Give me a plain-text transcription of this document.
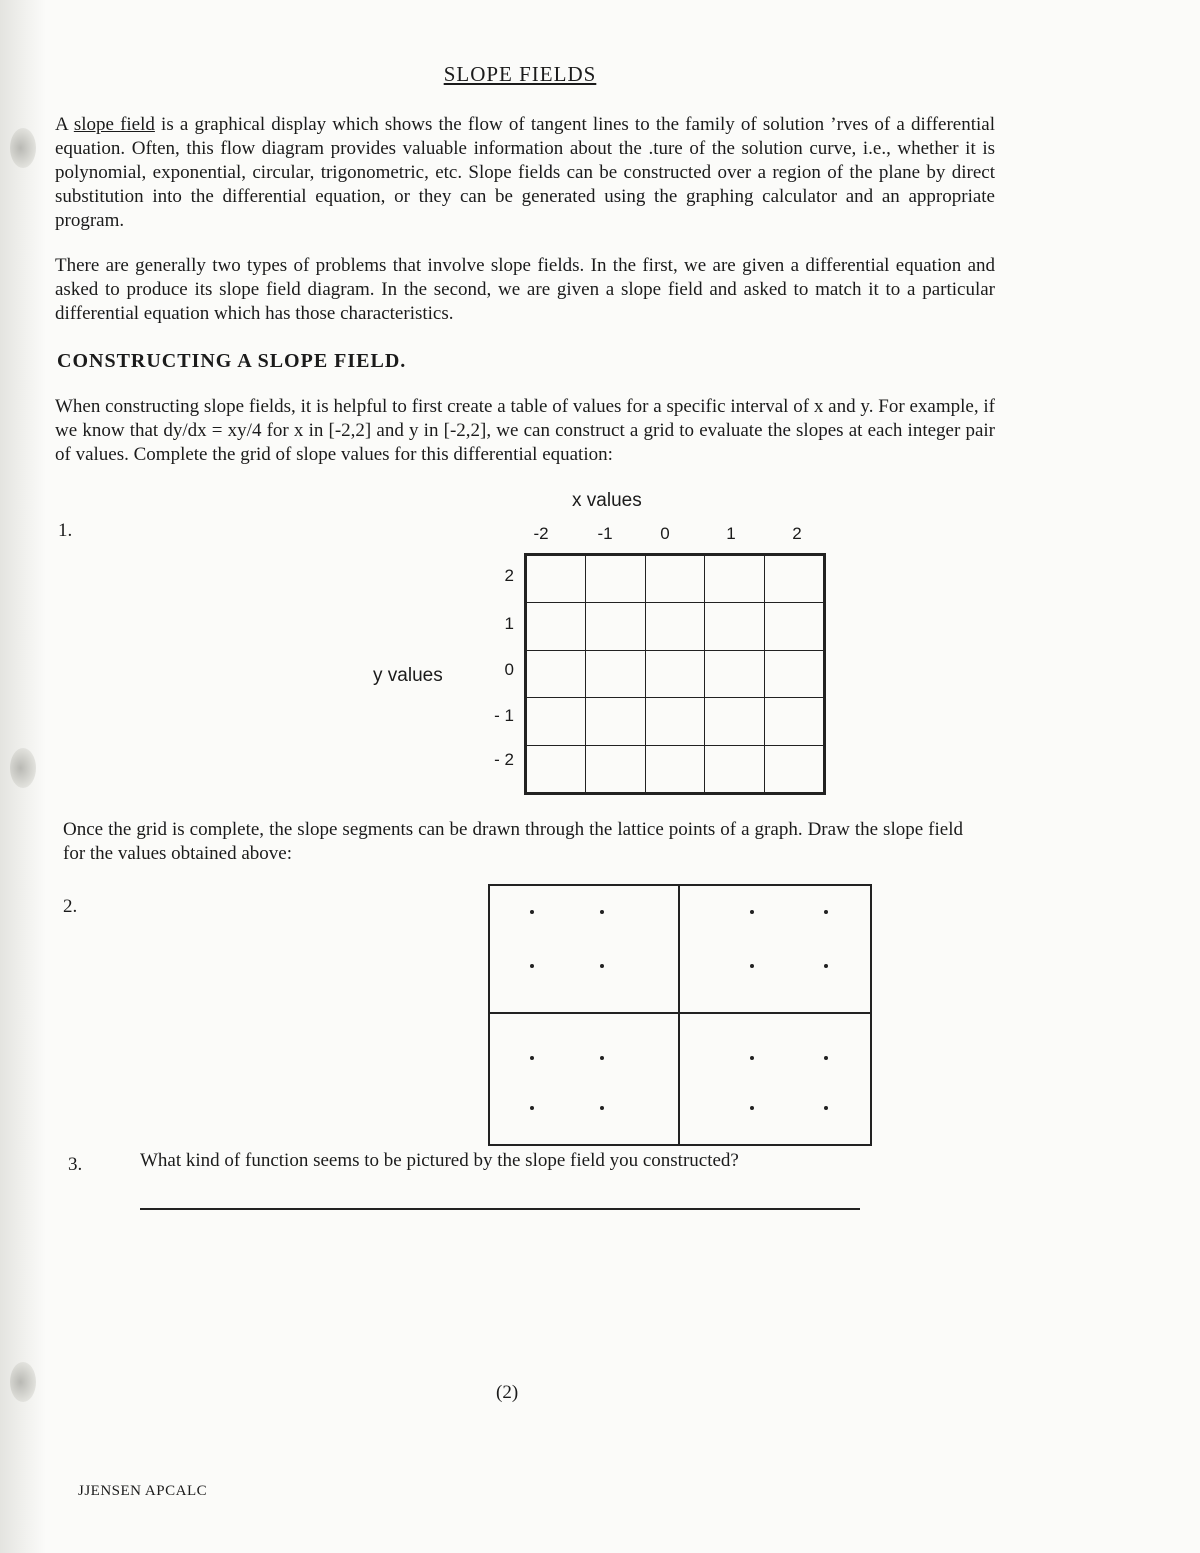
SLOPE FIELDS

A slope field is a graphical display which shows the flow of tangent lines to the family of solution ’rves of a differential equation. Often, this flow diagram provides valuable information about the .ture of the solution curve, i.e., whether it is polynomial, exponential, circular, trigonometric, etc. Slope fields can be constructed over a region of the plane by direct substitution into the differential equation, or they can be generated using the graphing calculator and an appropriate program.

There are generally two types of problems that involve slope fields. In the first, we are given a differential equation and asked to produce its slope field diagram. In the second, we are given a slope field and asked to match it to a particular differential equation which has those characteristics.

CONSTRUCTING A SLOPE FIELD.

When constructing slope fields, it is helpful to first create a table of values for a specific interval of x and y. For example, if we know that dy/dx = xy/4 for x in [-2,2] and y in [-2,2], we can construct a grid to evaluate the slopes at each integer pair of values. Complete the grid of slope values for this differential equation:

1.
x values
y values
-2	-1	0	1	2
2
1
0
- 1
- 2

Once the grid is complete, the slope segments can be drawn through the lattice points of a graph. Draw the slope field for the values obtained above:

2.
3.	What kind of function seems to be pictured by the slope field you constructed?
(2)
JJENSEN APCALC
